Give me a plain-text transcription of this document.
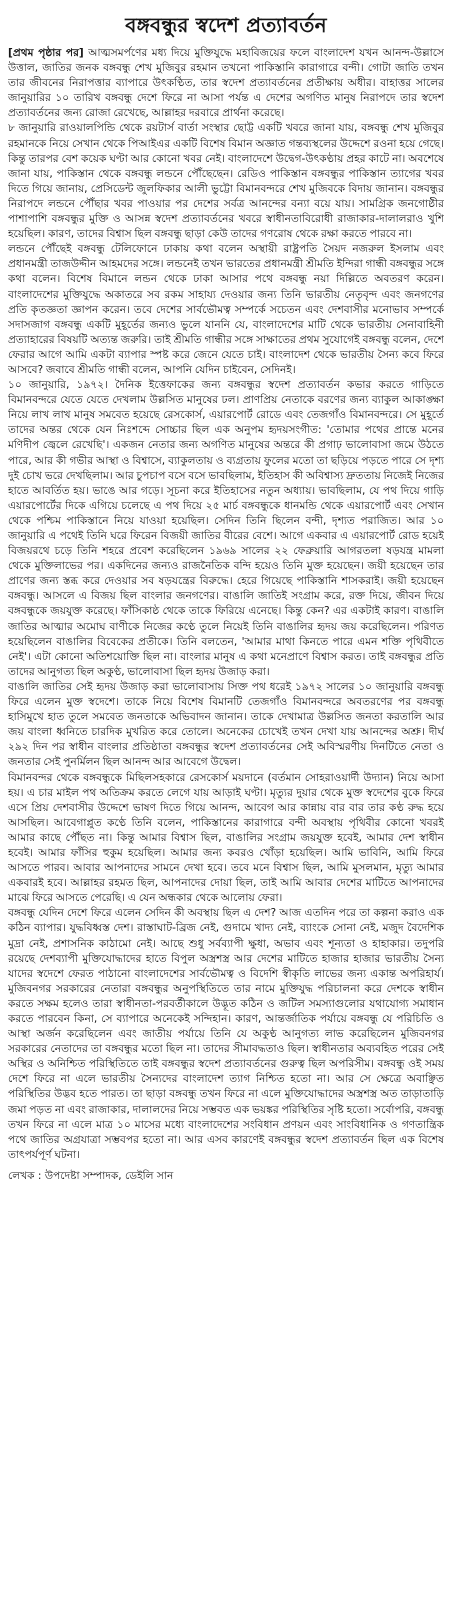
বঙ্গবন্ধুর স্বদেশ প্রত্যাবর্তন

[প্রথম পৃষ্ঠার পর] আত্মসমর্পণের মধ্য দিয়ে মুক্তিযুদ্ধে মহাবিজয়ের ফলে বাংলাদেশ যখন আনন্দ-উল্লাসে উত্তাল, জাতির জনক বঙ্গবন্ধু শেখ মুজিবুর রহমান তখনো পাকিস্তানি কারাগারে বন্দী। গোটা জাতি তখন তার জীবনের নিরাপত্তার ব্যাপারে উৎকণ্ঠিত, তার স্বদেশ প্রত্যাবর্তনের প্রতীক্ষায় অধীর। বাহাত্তর সালের জানুয়ারির ১০ তারিখ বঙ্গবন্ধু দেশে ফিরে না আসা পর্যন্ত এ দেশের অগণিত মানুষ নিরাপদে তার স্বদেশ প্রত্যাবর্তনের জন্য রোজা রেখেছে, আল্লাহর দরবারে প্রার্থনা করেছে।

৮ জানুয়ারি রাওয়ালপিন্ডি থেকে রয়টার্স বার্তা সংস্থার ছোট্ট একটি খবরে জানা যায়, বঙ্গবন্ধু শেখ মুজিবুর রহমানকে নিয়ে সেখান থেকে পিআইএর একটি বিশেষ বিমান অজ্ঞাত গন্তব্যস্থলের উদ্দেশে রওনা হয়ে গেছে। কিন্তু তারপর বেশ কয়েক ঘণ্টা আর কোনো খবর নেই। বাংলাদেশে উদ্বেগ-উৎকণ্ঠায় প্রহর কাটে না। অবশেষে জানা যায়, পাকিস্তান থেকে বঙ্গবন্ধু লন্ডনে পৌঁছেছেন। রেডিও পাকিস্তান বঙ্গবন্ধুর পাকিস্তান ত্যাগের খবর দিতে গিয়ে জানায়, প্রেসিডেন্ট জুলফিকার আলী ভুট্টো বিমানবন্দরে শেখ মুজিবকে বিদায় জানান। বঙ্গবন্ধুর নিরাপদে লন্ডনে পৌঁছার খবর পাওয়ার পর দেশের সর্বত্র আনন্দের বন্যা বয়ে যায়। সামগ্রিক জনগোষ্ঠীর পাশাপাশি বঙ্গবন্ধুর মুক্তি ও আসন্ন স্বদেশ প্রত্যাবর্তনের খবরে স্বাধীনতাবিরোধী রাজাকার-দালালরাও খুশি হয়েছিল। কারণ, তাদের বিশ্বাস ছিল বঙ্গবন্ধু ছাড়া কেউ তাদের গণরোষ থেকে রক্ষা করতে পারবে না।

লন্ডনে পৌঁছেই বঙ্গবন্ধু টেলিফোনে ঢাকায় কথা বলেন অস্থায়ী রাষ্ট্রপতি সৈয়দ নজরুল ইসলাম এবং প্রধানমন্ত্রী তাজউদ্দীন আহমদের সঙ্গে। লন্ডনেই তখন ভারতের প্রধানমন্ত্রী শ্রীমতি ইন্দিরা গান্ধী বঙ্গবন্ধুর সঙ্গে কথা বলেন। বিশেষ বিমানে লন্ডন থেকে ঢাকা আসার পথে বঙ্গবন্ধু নয়া দিল্লিতে অবতরণ করেন। বাংলাদেশের মুক্তিযুদ্ধে অকাতরে সব রকম সাহায্য দেওয়ার জন্য তিনি ভারতীয় নেতৃবৃন্দ এবং জনগণের প্রতি কৃতজ্ঞতা জ্ঞাপন করেন। তবে দেশের সার্বভৌমত্ব সম্পর্কে সচেতন এবং দেশবাসীর মনোভাব সম্পর্কে সদাসজাগ বঙ্গবন্ধু একটি মুহূর্তের জন্যও ভুলে যাননি যে, বাংলাদেশের মাটি থেকে ভারতীয় সেনাবাহিনী প্রত্যাহারের বিষয়টি অত্যন্ত জরুরি। তাই শ্রীমতি গান্ধীর সঙ্গে সাক্ষাতের প্রথম সুযোগেই বঙ্গবন্ধু বলেন, দেশে ফেরার আগে আমি একটা ব্যাপার স্পষ্ট করে জেনে যেতে চাই। বাংলাদেশ থেকে ভারতীয় সৈন্য কবে ফিরে আসবে? জবাবে শ্রীমতি গান্ধী বলেন, আপনি যেদিন চাইবেন, সেদিনই।

১০ জানুয়ারি, ১৯৭২। দৈনিক ইত্তেফাকের জন্য বঙ্গবন্ধুর স্বদেশ প্রত্যাবর্তন কভার করতে গাড়িতে বিমানবন্দরে যেতে যেতে দেখলাম উল্লসিত মানুষের ঢল। প্রাণপ্রিয় নেতাকে বরণের জন্য ব্যাকুল আকাঙ্ক্ষা নিয়ে লাখ লাখ মানুষ সমবেত হয়েছে রেসকোর্স, এয়ারপোর্ট রোডে এবং তেজগাঁও বিমানবন্দরে। সে মুহূর্তে তাদের অন্তর থেকে যেন নিঃশব্দে সোচ্চার ছিল এক অনুপম হৃদয়সংগীত: 'তোমার পথের প্রান্তে মনের মণিদীপ জ্বেলে রেখেছি'। একজন নেতার জন্য অগণিত মানুষের অন্তরে কী প্রগাঢ় ভালোবাসা জমে উঠতে পারে, আর কী গভীর আস্থা ও বিশ্বাসে, ব্যাকুলতায় ও ব্যগ্রতায় ফুলের মতো তা ছড়িয়ে পড়তে পারে সে দৃশ্য দুই চোখ ভরে দেখছিলাম। আর চুপচাপ বসে বসে ভাবছিলাম, ইতিহাস কী অবিশ্বাস্য দ্রুততায় নিজেই নিজের হাতে আবর্তিত হয়। ভাঙে আর গড়ে। সূচনা করে ইতিহাসের নতুন অধ্যায়। ভাবছিলাম, যে পথ দিয়ে গাড়ি এয়ারপোর্টের দিকে এগিয়ে চলেছে এ পথ দিয়ে ২৫ মার্চ বঙ্গবন্ধুকে ধানমন্ডি থেকে এয়ারপোর্ট এবং সেখান থেকে পশ্চিম পাকিস্তানে নিয়ে যাওয়া হয়েছিল। সেদিন তিনি ছিলেন বন্দী, দৃশ্যত পরাজিত। আর ১০ জানুয়ারি এ পথেই তিনি ঘরে ফিরেন বিজয়ী জাতির বীরের বেশে। আগে একবার এ এয়ারপোর্ট রোড হয়েই বিজয়রথে চড়ে তিনি শহরে প্রবেশ করেছিলেন ১৯৬৯ সালের ২২ ফেব্রুয়ারি আগরতলা ষড়যন্ত্র মামলা থেকে মুক্তিলাভের পর। একদিনের জন্যও রাজনৈতিক বন্দি হয়েও তিনি মুক্ত হয়েছেন। জয়ী হয়েছেন তার প্রাণের জন্য স্তব্ধ করে দেওয়ার সব ষড়যন্ত্রের বিরুদ্ধে। হেরে গিয়েছে পাকিস্তানি শাসকরাই। জয়ী হয়েছেন বঙ্গবন্ধু। আসলে এ বিজয় ছিল বাংলার জনগণের। বাঙালি জাতিই সংগ্রাম করে, রক্ত দিয়ে, জীবন দিয়ে বঙ্গবন্ধুকে জয়যুক্ত করেছে। ফাঁসিকাষ্ঠ থেকে তাকে ফিরিয়ে এনেছে। কিন্তু কেন? এর একটাই কারণ। বাঙালি জাতির আত্মার অমোঘ বাণীকে নিজের কণ্ঠে তুলে নিয়েই তিনি বাঙালির হৃদয় জয় করেছিলেন। পরিণত হয়েছিলেন বাঙালির বিবেকের প্রতীকে। তিনি বলতেন, 'আমার মাথা কিনতে পারে এমন শক্তি পৃথিবীতে নেই'। এটা কোনো অতিশয়োক্তি ছিল না। বাংলার মানুষ এ কথা মনেপ্রাণে বিশ্বাস করত। তাই বঙ্গবন্ধুর প্রতি তাদের আনুগত্য ছিল অকুণ্ঠ, ভালোবাসা ছিল হৃদয় উজাড় করা।

বাঙালি জাতির সেই হৃদয় উজাড় করা ভালোবাসায় সিক্ত পথ ধরেই ১৯৭২ সালের ১০ জানুয়ারি বঙ্গবন্ধু ফিরে এলেন মুক্ত স্বদেশে। তাকে নিয়ে বিশেষ বিমানটি তেজগাঁও বিমানবন্দরে অবতরণের পর বঙ্গবন্ধু হাসিমুখে হাত তুলে সমবেত জনতাকে অভিবাদন জানান। তাকে দেখামাত্র উল্লসিত জনতা করতালি আর জয় বাংলা ধ্বনিতে চারদিক মুখরিত করে তোলে। অনেকের চোখেই তখন দেখা যায় আনন্দের অশ্রু। দীর্ঘ ২৯২ দিন পর স্বাধীন বাংলার প্রতিষ্ঠাতা বঙ্গবন্ধুর স্বদেশ প্রত্যাবর্তনের সেই অবিস্মরণীয় দিনটিতে নেতা ও জনতার সেই পুনর্মিলন ছিল আনন্দ আর আবেগে উদ্বেল।

বিমানবন্দর থেকে বঙ্গবন্ধুকে মিছিলসহকারে রেসকোর্স ময়দানে (বর্তমান সোহরাওয়ার্দী উদ্যান) নিয়ে আসা হয়। এ চার মাইল পথ অতিক্রম করতে লেগে যায় আড়াই ঘণ্টা। মৃত্যুর দুয়ার থেকে মুক্ত স্বদেশের বুকে ফিরে এসে প্রিয় দেশবাসীর উদ্দেশে ভাষণ দিতে গিয়ে আনন্দ, আবেগ আর কান্নায় বার বার তার কণ্ঠ রুদ্ধ হয়ে আসছিল। আবেগাপ্লুত কণ্ঠে তিনি বলেন, পাকিস্তানের কারাগারে বন্দী অবস্থায় পৃথিবীর কোনো খবরই আমার কাছে পৌঁছত না। কিন্তু আমার বিশ্বাস ছিল, বাঙালির সংগ্রাম জয়যুক্ত হবেই, আমার দেশ স্বাধীন হবেই। আমার ফাঁসির হুকুম হয়েছিল। আমার জন্য কবরও খোঁড়া হয়েছিল। আমি ভাবিনি, আমি ফিরে আসতে পারব। আবার আপনাদের সামনে দেখা হবে। তবে মনে বিশ্বাস ছিল, আমি মুসলমান, মৃত্যু আমার একবারই হবে। আল্লাহর রহমত ছিল, আপনাদের দোয়া ছিল, তাই আমি আবার দেশের মাটিতে আপনাদের মাঝে ফিরে আসতে পেরেছি। এ যেন অন্ধকার থেকে আলোয় ফেরা।

বঙ্গবন্ধু যেদিন দেশে ফিরে এলেন সেদিন কী অবস্থায় ছিল এ দেশ? আজ এতদিন পরে তা কল্পনা করাও এক কঠিন ব্যাপার। যুদ্ধবিধ্বস্ত দেশ। রাস্তাঘাট-ব্রিজ নেই, গুদামে খাদ্য নেই, ব্যাংকে সোনা নেই, মজুদ বৈদেশিক মুদ্রা নেই, প্রশাসনিক কাঠামো নেই। আছে শুধু সর্বব্যাপী ক্ষুধা, অভাব এবং শূন্যতা ও হাহাকার। তদুপরি রয়েছে দেশব্যাপী মুক্তিযোদ্ধাদের হাতে বিপুল অস্ত্রশস্ত্র আর দেশের মাটিতে হাজার হাজার ভারতীয় সৈন্য যাদের স্বদেশে ফেরত পাঠানো বাংলাদেশের সার্বভৌমত্ব ও বিদেশি স্বীকৃতি লাভের জন্য একান্ত অপরিহার্য। মুজিবনগর সরকারের নেতারা বঙ্গবন্ধুর অনুপস্থিতিতে তার নামে মুক্তিযুদ্ধ পরিচালনা করে দেশকে স্বাধীন করতে সক্ষম হলেও তারা স্বাধীনতা-পরবর্তীকালে উদ্ভূত কঠিন ও জটিল সমস্যাগুলোর যথাযোগ্য সমাধান করতে পারবেন কিনা, সে ব্যাপারে অনেকেই সন্দিহান। কারণ, আন্তর্জাতিক পর্যায়ে বঙ্গবন্ধু যে পরিচিতি ও আস্থা অর্জন করেছিলেন এবং জাতীয় পর্যায়ে তিনি যে অকুণ্ঠ আনুগত্য লাভ করেছিলেন মুজিবনগর সরকারের নেতাদের তা বঙ্গবন্ধুর মতো ছিল না। তাদের সীমাবদ্ধতাও ছিল। স্বাধীনতার অব্যবহিত পরের সেই অস্থির ও অনিশ্চিত পরিস্থিতিতে তাই বঙ্গবন্ধুর স্বদেশ প্রত্যাবর্তনের গুরুত্ব ছিল অপরিসীম। বঙ্গবন্ধু ওই সময় দেশে ফিরে না এলে ভারতীয় সৈন্যদের বাংলাদেশ ত্যাগ নিশ্চিত হতো না। আর সে ক্ষেত্রে অবাঞ্ছিত পরিস্থিতির উদ্ভব হতে পারত। তা ছাড়া বঙ্গবন্ধু তখন ফিরে না এলে মুক্তিযোদ্ধাদের অস্ত্রশস্ত্র অত তাড়াতাড়ি জমা পড়ত না এবং রাজাকার, দালালদের নিয়ে সম্ভবত এক ভয়ঙ্কর পরিস্থিতির সৃষ্টি হতো। সর্বোপরি, বঙ্গবন্ধু তখন ফিরে না এলে মাত্র ১০ মাসের মধ্যে বাংলাদেশের সংবিধান প্রণয়ন এবং সাংবিধানিক ও গণতান্ত্রিক পথে জাতির অগ্রযাত্রা সম্ভবপর হতো না। আর এসব কারণেই বঙ্গবন্ধুর স্বদেশ প্রত্যাবর্তন ছিল এক বিশেষ তাৎপর্যপূর্ণ ঘটনা।

লেখক : উপদেষ্টা সম্পাদক, ডেইলি সান
